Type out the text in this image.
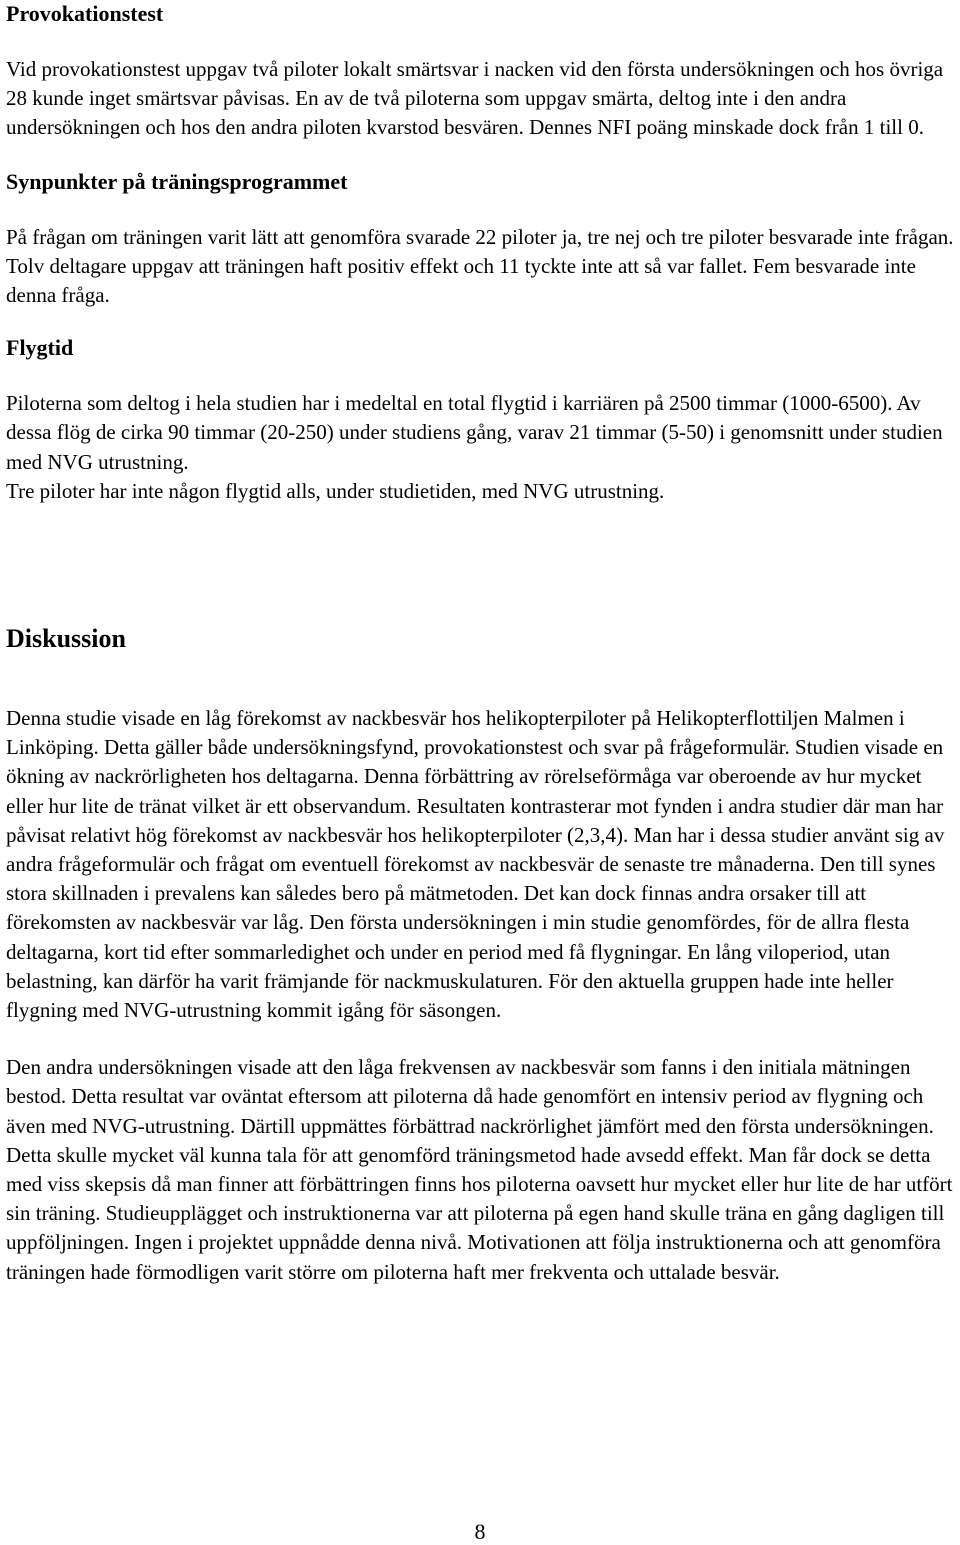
Provokationstest
Vid provokationstest uppgav två piloter lokalt smärtsvar i nacken vid den första undersökningen och hos övriga 28 kunde inget smärtsvar påvisas. En av de två piloterna som uppgav smärta, deltog inte i den andra undersökningen och hos den andra piloten kvarstod besvären. Dennes NFI poäng minskade dock från 1 till 0.
Synpunkter på träningsprogrammet
På frågan om träningen varit lätt att genomföra svarade 22 piloter ja, tre nej och tre piloter besvarade inte frågan. Tolv deltagare uppgav att träningen haft positiv effekt och 11 tyckte inte att så var fallet. Fem besvarade inte denna fråga.
Flygtid
Piloterna som deltog i hela studien har i medeltal en total flygtid i karriären på 2500 timmar (1000-6500). Av dessa flög de cirka 90 timmar (20-250) under studiens gång, varav 21 timmar (5-50) i genomsnitt under studien med NVG utrustning.
Tre piloter har inte någon flygtid alls, under studietiden, med NVG utrustning.
Diskussion
Denna studie visade en låg förekomst av nackbesvär hos helikopterpiloter på Helikopterflottiljen Malmen i Linköping. Detta gäller både undersökningsfynd, provokationstest och svar på frågeformulär. Studien visade en ökning av nackrörligheten hos deltagarna. Denna förbättring av rörelseförmåga var oberoende av hur mycket eller hur lite de tränat vilket är ett observandum. Resultaten kontrasterar mot fynden i andra studier där man har påvisat relativt hög förekomst av nackbesvär hos helikopterpiloter (2,3,4). Man har i dessa studier använt sig av andra frågeformulär och frågat om eventuell förekomst av nackbesvär de senaste tre månaderna. Den till synes stora skillnaden i prevalens kan således bero på mätmetoden. Det kan dock finnas andra orsaker till att förekomsten av nackbesvär var låg. Den första undersökningen i min studie genomfördes, för de allra flesta deltagarna, kort tid efter sommarledighet och under en period med få flygningar. En lång viloperiod, utan belastning, kan därför ha varit främjande för nackmuskulaturen. För den aktuella gruppen hade inte heller flygning med NVG-utrustning kommit igång för säsongen.
Den andra undersökningen visade att den låga frekvensen av nackbesvär som fanns i den initiala mätningen bestod. Detta resultat var oväntat eftersom att piloterna då hade genomfört en intensiv period av flygning och även med NVG-utrustning. Därtill uppmättes förbättrad nackrörlighet jämfört med den första undersökningen. Detta skulle mycket väl kunna tala för att genomförd träningsmetod hade avsedd effekt. Man får dock se detta med viss skepsis då man finner att förbättringen finns hos piloterna oavsett hur mycket eller hur lite de har utfört sin träning. Studieupplägget och instruktionerna var att piloterna på egen hand skulle träna en gång dagligen till uppföljningen. Ingen i projektet uppnådde denna nivå. Motivationen att följa instruktionerna och att genomföra träningen hade förmodligen varit större om piloterna haft mer frekventa och uttalade besvär.
8
